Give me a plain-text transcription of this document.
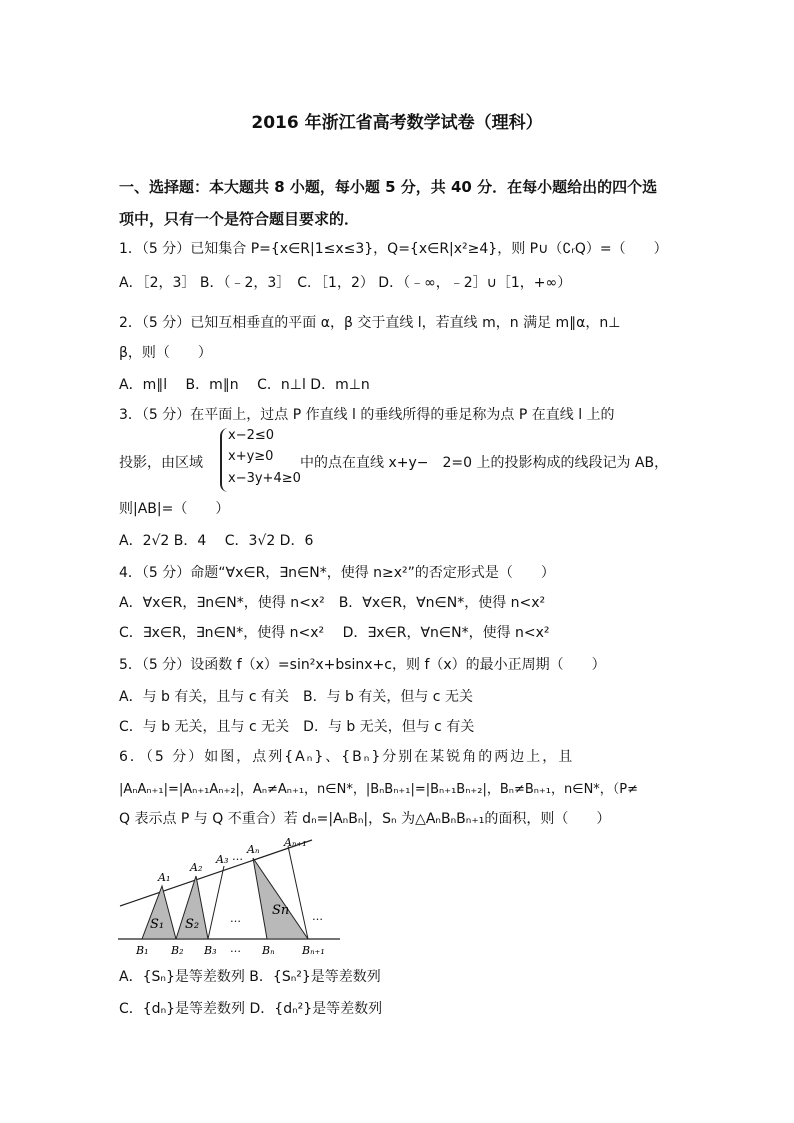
2016 年浙江省高考数学试卷（理科）
一、选择题：本大题共 8 小题，每小题 5 分，共 40 分．在每小题给出的四个选
项中，只有一个是符合题目要求的．
1．（5 分）已知集合 P={x∈R|1≤x≤3}，Q={x∈R|x²≥4}，则 P∪（∁ᵣQ）=（　　）
A．［2，3］ B．（﹣2，3］　C．［1，2） D．（﹣∞，﹣2］∪［1，+∞）
2．（5 分）已知互相垂直的平面 α，β 交于直线 l，若直线 m，n 满足 m∥α，n⊥
β，则（　　）
A．m∥l　 B．m∥n　 C．n⊥l D．m⊥n
3．（5 分）在平面上，过点 P 作直线 l 的垂线所得的垂足称为点 P 在直线 l 上的
投影，由区域
x−2≤0
x+y≥0
x−3y+4≥0
中的点在直线 x+y−　2=0 上的投影构成的线段记为 AB，
则|AB|=（　　）
A．2√2 B．4　 C．3√2 D．6
4．（5 分）命题“∀x∈R，∃n∈N*，使得 n≥x²”的否定形式是（　　）
A．∀x∈R，∃n∈N*，使得 n<x²　B．∀x∈R，∀n∈N*，使得 n<x²
C．∃x∈R，∃n∈N*，使得 n<x²　 D．∃x∈R，∀n∈N*，使得 n<x²
5．（5 分）设函数 f（x）=sin²x+bsinx+c，则 f（x）的最小正周期（　　）
A．与 b 有关，且与 c 有关　B．与 b 有关，但与 c 无关
C．与 b 无关，且与 c 无关　D．与 b 无关，但与 c 有关
6．（5 分）如图，点列{Aₙ}、{Bₙ}分别在某锐角的两边上，且
|AₙAₙ₊₁|=|Aₙ₊₁Aₙ₊₂|，Aₙ≠Aₙ₊₁，n∈N*，|BₙBₙ₊₁|=|Bₙ₊₁Bₙ₊₂|，Bₙ≠Bₙ₊₁，n∈N*，（P≠
Q 表示点 P 与 Q 不重合）若 dₙ=|AₙBₙ|，Sₙ 为△AₙBₙBₙ₊₁的面积，则（　　）
A₁
A₂
A₃ …
Aₙ
Aₙ₊₁
S₁ S₂
Sn
…	…
B₁ B₂ B₃ … Bₙ Bₙ₊₁
A．{Sₙ}是等差数列 B．{Sₙ²}是等差数列
C．{dₙ}是等差数列 D．{dₙ²}是等差数列
